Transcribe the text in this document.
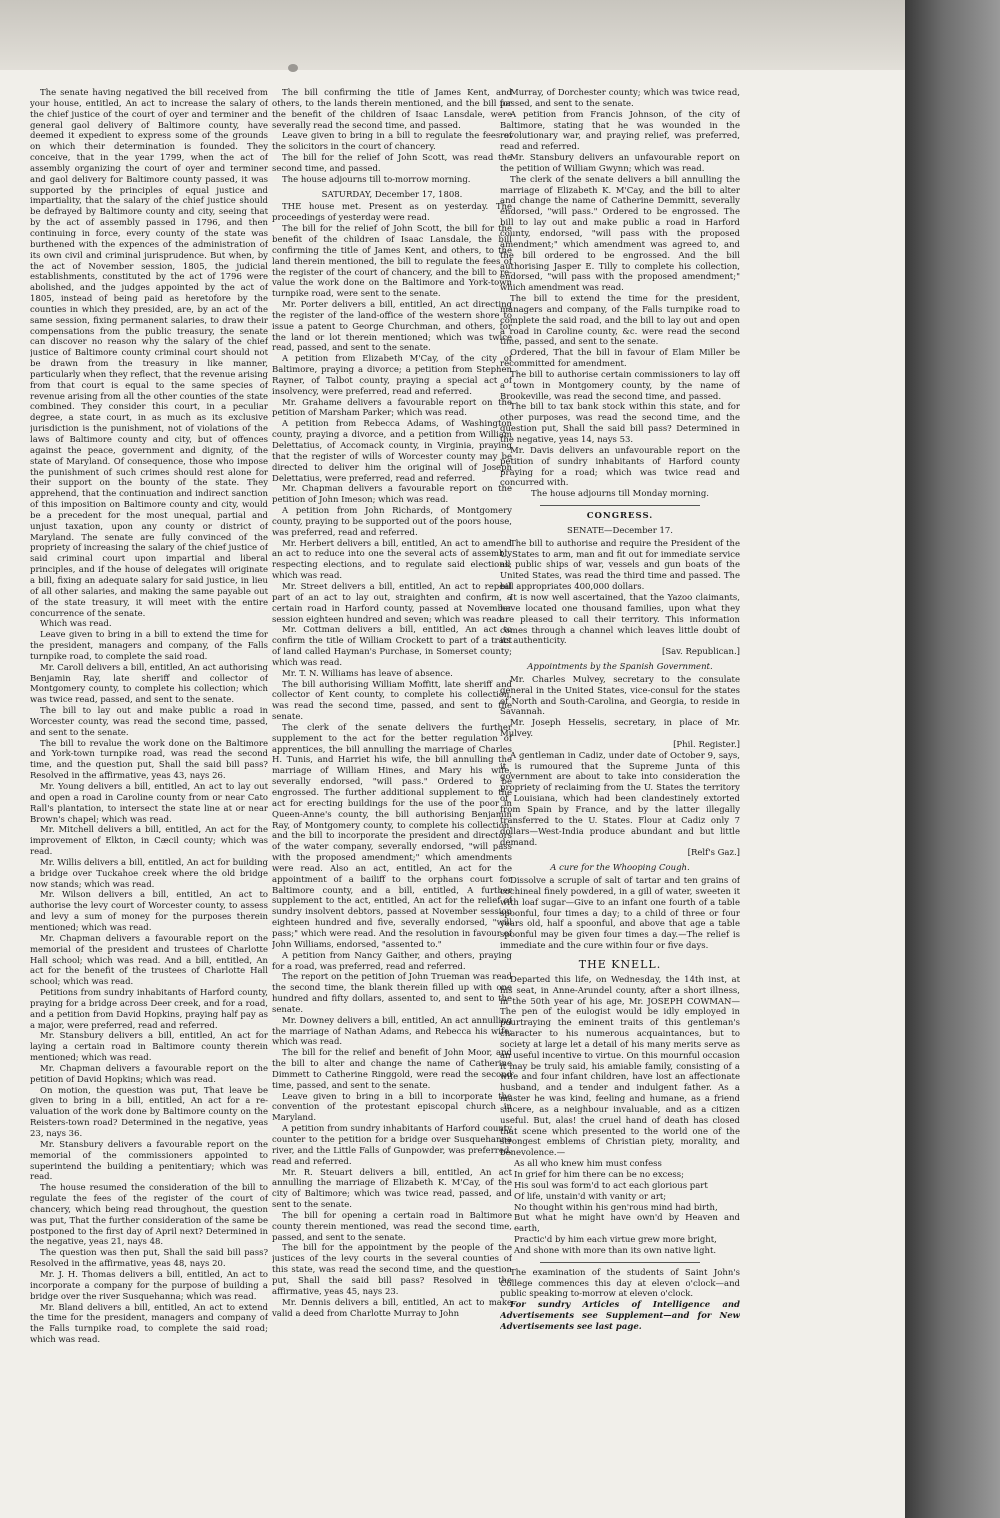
The senate having negatived the bill received from your house, entitled, An act to increase the salary of the chief justice of the court of oyer and terminer and general gaol delivery of Baltimore county, have deemed it expedient to express some of the grounds on which their determination is founded. They conceive, that in the year 1799, when the act of assembly organizing the court of oyer and terminer and gaol delivery for Baltimore county passed, it was supported by the principles of equal justice and impartiality, that the salary of the chief justice should be defrayed by Baltimore county and city, seeing that by the act of assembly passed in 1796, and then continuing in force, every county of the state was burthened with the expences of the administration of its own civil and criminal jurisprudence. But when, by the act of November session, 1805, the judicial establishments, constituted by the act of 1796 were abolished, and the judges appointed by the act of 1805, instead of being paid as heretofore by the counties in which they presided, are, by an act of the same session, fixing permanent salaries, to draw their compensations from the public treasury, the senate can discover no reason why the salary of the chief justice of Baltimore county criminal court should not be drawn from the treasury in like manner, particularly when they reflect, that the revenue arising from that court is equal to the same species of revenue arising from all the other counties of the state combined. They consider this court, in a peculiar degree, a state court, in as much as its exclusive jurisdiction is the punishment, not of violations of the laws of Baltimore county and city, but of offences against the peace, government and dignity, of the state of Maryland. Of consequence, those who impose the punishment of such crimes should rest alone for their support on the bounty of the state. They apprehend, that the continuation and indirect sanction of this imposition on Baltimore county and city, would be a precedent for the most unequal, partial and unjust taxation, upon any county or district of Maryland. The senate are fully convinced of the propriety of increasing the salary of the chief justice of said criminal court upon impartial and liberal principles, and if the house of delegates will originate a bill, fixing an adequate salary for said justice, in lieu of all other salaries, and making the same payable out of the state treasury, it will meet with the entire concurrence of the senate.

Which was read.

Leave given to bring in a bill to extend the time for the president, managers and company, of the Falls turnpike road, to complete the said road.

Mr. Caroll delivers a bill, entitled, An act authorising Benjamin Ray, late sheriff and collector of Montgomery county, to complete his collection; which was twice read, passed, and sent to the senate.

The bill to lay out and make public a road in Worcester county, was read the second time, passed, and sent to the senate.

The bill to revalue the work done on the Baltimore and York-town turnpike road, was read the second time, and the question put, Shall the said bill pass? Resolved in the affirmative, yeas 43, nays 26.

Mr. Young delivers a bill, entitled, An act to lay out and open a road in Caroline county from or near Cato Rall's plantation, to intersect the state line at or near Brown's chapel; which was read.

Mr. Mitchell delivers a bill, entitled, An act for the improvement of Elkton, in Cæcil county; which was read.

Mr. Willis delivers a bill, entitled, An act for building a bridge over Tuckahoe creek where the old bridge now stands; which was read.

Mr. Wilson delivers a bill, entitled, An act to authorise the levy court of Worcester county, to assess and levy a sum of money for the purposes therein mentioned; which was read.

Mr. Chapman delivers a favourable report on the memorial of the president and trustees of Charlotte Hall school; which was read. And a bill, entitled, An act for the benefit of the trustees of Charlotte Hall school; which was read.

Petitions from sundry inhabitants of Harford county, praying for a bridge across Deer creek, and for a road, and a petition from David Hopkins, praying half pay as a major, were preferred, read and referred.

Mr. Stansbury delivers a bill, entitled, An act for laying a certain road in Baltimore county therein mentioned; which was read.

Mr. Chapman delivers a favourable report on the petition of David Hopkins; which was read.

On motion, the question was put, That leave be given to bring in a bill, entitled, An act for a re-valuation of the work done by Baltimore county on the Reisters-town road? Determined in the negative, yeas 23, nays 36.

Mr. Stansbury delivers a favourable report on the memorial of the commissioners appointed to superintend the building a penitentiary; which was read.

The house resumed the consideration of the bill to regulate the fees of the register of the court of chancery, which being read throughout, the question was put, That the further consideration of the same be postponed to the first day of April next? Determined in the negative, yeas 21, nays 48.

The question was then put, Shall the said bill pass? Resolved in the affirmative, yeas 48, nays 20.

Mr. J. H. Thomas delivers a bill, entitled, An act to incorporate a company for the purpose of building a bridge over the river Susquehanna; which was read.

Mr. Bland delivers a bill, entitled, An act to extend the time for the president, managers and company of the Falls turnpike road, to complete the said road; which was read.

The bill confirming the title of James Kent, and others, to the lands therein mentioned, and the bill for the benefit of the children of Isaac Lansdale, were severally read the second time, and passed.

Leave given to bring in a bill to regulate the fees of the solicitors in the court of chancery.

The bill for the relief of John Scott, was read the second time, and passed.

The house adjourns till to-morrow morning.

SATURDAY, December 17, 1808.

THE house met. Present as on yesterday. The proceedings of yesterday were read.

The bill for the relief of John Scott, the bill for the benefit of the children of Isaac Lansdale, the bill confirming the title of James Kent, and others, to the land therein mentioned, the bill to regulate the fees of the register of the court of chancery, and the bill to re-value the work done on the Baltimore and York-town turnpike road, were sent to the senate.

Mr. Porter delivers a bill, entitled, An act directing the register of the land-office of the western shore to issue a patent to George Churchman, and others, for the land or lot therein mentioned; which was twice read, passed, and sent to the senate.

A petition from Elizabeth M'Cay, of the city of Baltimore, praying a divorce; a petition from Stephen Rayner, of Talbot county, praying a special act of insolvency, were preferred, read and referred.

Mr. Grahame delivers a favourable report on the petition of Marsham Parker; which was read.

A petition from Rebecca Adams, of Washington county, praying a divorce, and a petition from William Delettatius, of Accomack county, in Virginia, praying that the register of wills of Worcester county may be directed to deliver him the original will of Joseph Delettatius, were preferred, read and referred.

Mr. Chapman delivers a favourable report on the petition of John Imeson; which was read.

A petition from John Richards, of Montgomery county, praying to be supported out of the poors house, was preferred, read and referred.

Mr. Herbert delivers a bill, entitled, An act to amend an act to reduce into one the several acts of assembly respecting elections, and to regulate said elections; which was read.

Mr. Street delivers a bill, entitled, An act to repeal part of an act to lay out, straighten and confirm, a certain road in Harford county, passed at November session eighteen hundred and seven; which was read.

Mr. Cottman delivers a bill, entitled, An act to confirm the title of William Crockett to part of a tract of land called Hayman's Purchase, in Somerset county; which was read.

Mr. T. N. Williams has leave of absence.

The bill authorising William Moffitt, late sheriff and collector of Kent county, to complete his collection, was read the second time, passed, and sent to the senate.

The clerk of the senate delivers the further supplement to the act for the better regulation of apprentices, the bill annulling the marriage of Charles H. Tunis, and Harriet his wife, the bill annulling the marriage of William Hines, and Mary his wife, severally endorsed, "will pass." Ordered to be engrossed. The further additional supplement to the act for erecting buildings for the use of the poor in Queen-Anne's county, the bill authorising Benjamin Ray, of Montgomery county, to complete his collection, and the bill to incorporate the president and directors of the water company, severally endorsed, "will pass with the proposed amendment;" which amendments were read. Also an act, entitled, An act for the appointment of a bailiff to the orphans court for Baltimore county, and a bill, entitled, A further supplement to the act, entitled, An act for the relief of sundry insolvent debtors, passed at November session eighteen hundred and five, severally endorsed, "will pass;" which were read. And the resolution in favour of John Williams, endorsed, "assented to."

A petition from Nancy Gaither, and others, praying for a road, was preferred, read and referred.

The report on the petition of John Trueman was read the second time, the blank therein filled up with one hundred and fifty dollars, assented to, and sent to the senate.

Mr. Downey delivers a bill, entitled, An act annulling the marriage of Nathan Adams, and Rebecca his wife; which was read.

The bill for the relief and benefit of John Moor, and the bill to alter and change the name of Catherine Dimmett to Catherine Ringgold, were read the second time, passed, and sent to the senate.

Leave given to bring in a bill to incorporate the convention of the protestant episcopal church in Maryland.

A petition from sundry inhabitants of Harford county counter to the petition for a bridge over Susquehanna river, and the Little Falls of Gunpowder, was preferred, read and referred.

Mr. R. Steuart delivers a bill, entitled, An act annulling the marriage of Elizabeth K. M'Cay, of the city of Baltimore; which was twice read, passed, and sent to the senate.

The bill for opening a certain road in Baltimore county therein mentioned, was read the second time, passed, and sent to the senate.

The bill for the appointment by the people of the justices of the levy courts in the several counties of this state, was read the second time, and the question put, Shall the said bill pass? Resolved in the affirmative, yeas 45, nays 23.

Mr. Dennis delivers a bill, entitled, An act to make valid a deed from Charlotte Murray to John

Murray, of Dorchester county; which was twice read, passed, and sent to the senate.

A petition from Francis Johnson, of the city of Baltimore, stating that he was wounded in the revolutionary war, and praying relief, was preferred, read and referred.

Mr. Stansbury delivers an unfavourable report on the petition of William Gwynn; which was read.

The clerk of the senate delivers a bill annulling the marriage of Elizabeth K. M'Cay, and the bill to alter and change the name of Catherine Demmitt, severally endorsed, "will pass." Ordered to be engrossed. The bill to lay out and make public a road in Harford county, endorsed, "will pass with the proposed amendment;" which amendment was agreed to, and the bill ordered to be engrossed. And the bill authorising Jasper E. Tilly to complete his collection, endorsed, "will pass with the proposed amendment;" which amendment was read.

The bill to extend the time for the president, managers and company, of the Falls turnpike road to complete the said road, and the bill to lay out and open a road in Caroline county, &c. were read the second time, passed, and sent to the senate.

Ordered, That the bill in favour of Elam Miller be recommitted for amendment.

The bill to authorise certain commissioners to lay off a town in Montgomery county, by the name of Brookeville, was read the second time, and passed.

The bill to tax bank stock within this state, and for other purposes, was read the second time, and the question put, Shall the said bill pass? Determined in the negative, yeas 14, nays 53.

Mr. Davis delivers an unfavourable report on the petition of sundry inhabitants of Harford county praying for a road; which was twice read and concurred with.

The house adjourns till Monday morning.

CONGRESS.

SENATE—December 17.

The bill to authorise and require the President of the U. States to arm, man and fit out for immediate service all public ships of war, vessels and gun boats of the United States, was read the third time and passed. The bill appropriates 400,000 dollars.

It is now well ascertained, that the Yazoo claimants, have located one thousand families, upon what they are pleased to call their territory. This information comes through a channel which leaves little doubt of its authenticity.

[Sav. Republican.]

Appointments by the Spanish Government.

Mr. Charles Mulvey, secretary to the consulate general in the United States, vice-consul for the states of North and South-Carolina, and Georgia, to reside in Savannah.

Mr. Joseph Hesselis, secretary, in place of Mr. Mulvey.

[Phil. Register.]

A gentleman in Cadiz, under date of October 9, says, it is rumoured that the Supreme Junta of this government are about to take into consideration the propriety of reclaiming from the U. States the territory of Louisiana, which had been clandestinely extorted from Spain by France, and by the latter illegally transferred to the U. States. Flour at Cadiz only 7 dollars—West-India produce abundant and but little demand.

[Relf's Gaz.]

A cure for the Whooping Cough.

Dissolve a scruple of salt of tartar and ten grains of cochineal finely powdered, in a gill of water, sweeten it with loaf sugar—Give to an infant one fourth of a table spoonful, four times a day; to a child of three or four years old, half a spoonful, and above that age a table spoonful may be given four times a day.—The relief is immediate and the cure within four or five days.

THE KNELL.

Departed this life, on Wednesday, the 14th inst, at his seat, in Anne-Arundel county, after a short illness, in the 50th year of his age, Mr. JOSEPH COWMAN—The pen of the eulogist would be idly employed in pourtraying the eminent traits of this gentleman's character to his numerous acquaintances, but to society at large let a detail of his many merits serve as an useful incentive to virtue. On this mournful occasion it may be truly said, his amiable family, consisting of a wife and four infant children, have lost an affectionate husband, and a tender and indulgent father. As a master he was kind, feeling and humane, as a friend sincere, as a neighbour invaluable, and as a citizen useful. But, alas! the cruel hand of death has closed that scene which presented to the world one of the strongest emblems of Christian piety, morality, and benevolence.—

As all who knew him must confess

In grief for him there can be no excess;

His soul was form'd to act each glorious part

Of life, unstain'd with vanity or art;

No thought within his gen'rous mind had birth,

But what he might have own'd by Heaven and earth,

Practic'd by him each virtue grew more bright,

And shone with more than its own native light.

The examination of the students of Saint John's College commences this day at eleven o'clock—and public speaking to-morrow at eleven o'clock.

For sundry Articles of Intelligence and Advertisements see Supplement—and for New Advertisements see last page.
